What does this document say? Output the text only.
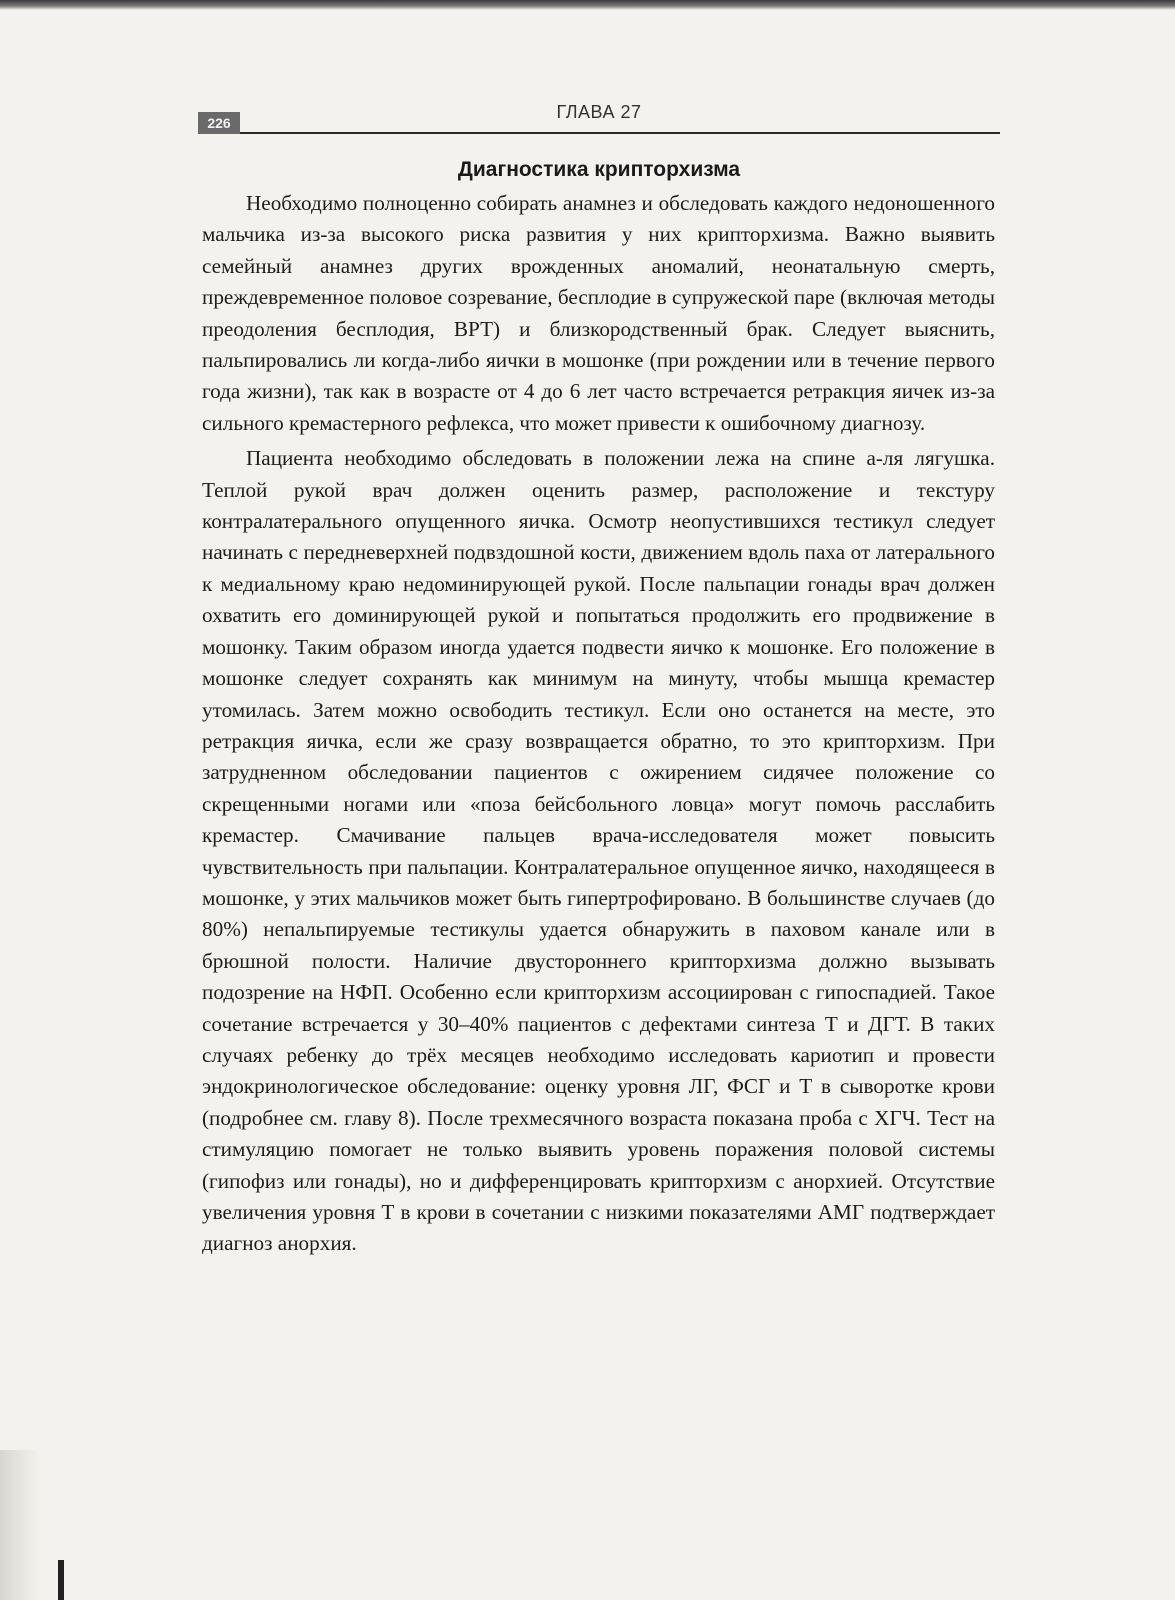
226
ГЛАВА 27
Диагностика крипторхизма

Необходимо полноценно собирать анамнез и обследовать каждого недоношенного мальчика из-за высокого риска развития у них крипторхизма. Важно выявить семейный анамнез других врожденных аномалий, неонатальную смерть, преждевременное половое созревание, бесплодие в супружеской паре (включая методы преодоления бесплодия, ВРТ) и близкородственный брак. Следует выяснить, пальпировались ли когда-либо яички в мошонке (при рождении или в течение первого года жизни), так как в возрасте от 4 до 6 лет часто встречается ретракция яичек из-за сильного кремастерного рефлекса, что может привести к ошибочному диагнозу.

Пациента необходимо обследовать в положении лежа на спине а-ля лягушка. Теплой рукой врач должен оценить размер, расположение и текстуру контралатерального опущенного яичка. Осмотр неопустившихся тестикул следует начинать с передневерхней подвздошной кости, движением вдоль паха от латерального к медиальному краю недоминирующей рукой. После пальпации гонады врач должен охватить его доминирующей рукой и попытаться продолжить его продвижение в мошонку. Таким образом иногда удается подвести яичко к мошонке. Его положение в мошонке следует сохранять как минимум на минуту, чтобы мышца кремастер утомилась. Затем можно освободить тестикул. Если оно останется на месте, это ретракция яичка, если же сразу возвращается обратно, то это крипторхизм. При затрудненном обследовании пациентов с ожирением сидячее положение со скрещенными ногами или «поза бейсбольного ловца» могут помочь расслабить кремастер. Смачивание пальцев врача-исследователя может повысить чувствительность при пальпации. Контралатеральное опущенное яичко, находящееся в мошонке, у этих мальчиков может быть гипертрофировано. В большинстве случаев (до 80%) непальпируемые тестикулы удается обнаружить в паховом канале или в брюшной полости. Наличие двустороннего крипторхизма должно вызывать подозрение на НФП. Особенно если крипторхизм ассоциирован с гипоспадией. Такое сочетание встречается у 30–40% пациентов с дефектами синтеза Т и ДГТ. В таких случаях ребенку до трёх месяцев необходимо исследовать кариотип и провести эндокринологическое обследование: оценку уровня ЛГ, ФСГ и Т в сыворотке крови (подробнее см. главу 8). После трехмесячного возраста показана проба с ХГЧ. Тест на стимуляцию помогает не только выявить уровень поражения половой системы (гипофиз или гонады), но и дифференцировать крипторхизм с анорхией. Отсутствие увеличения уровня Т в крови в сочетании с низкими показателями АМГ подтверждает диагноз анорхия.
